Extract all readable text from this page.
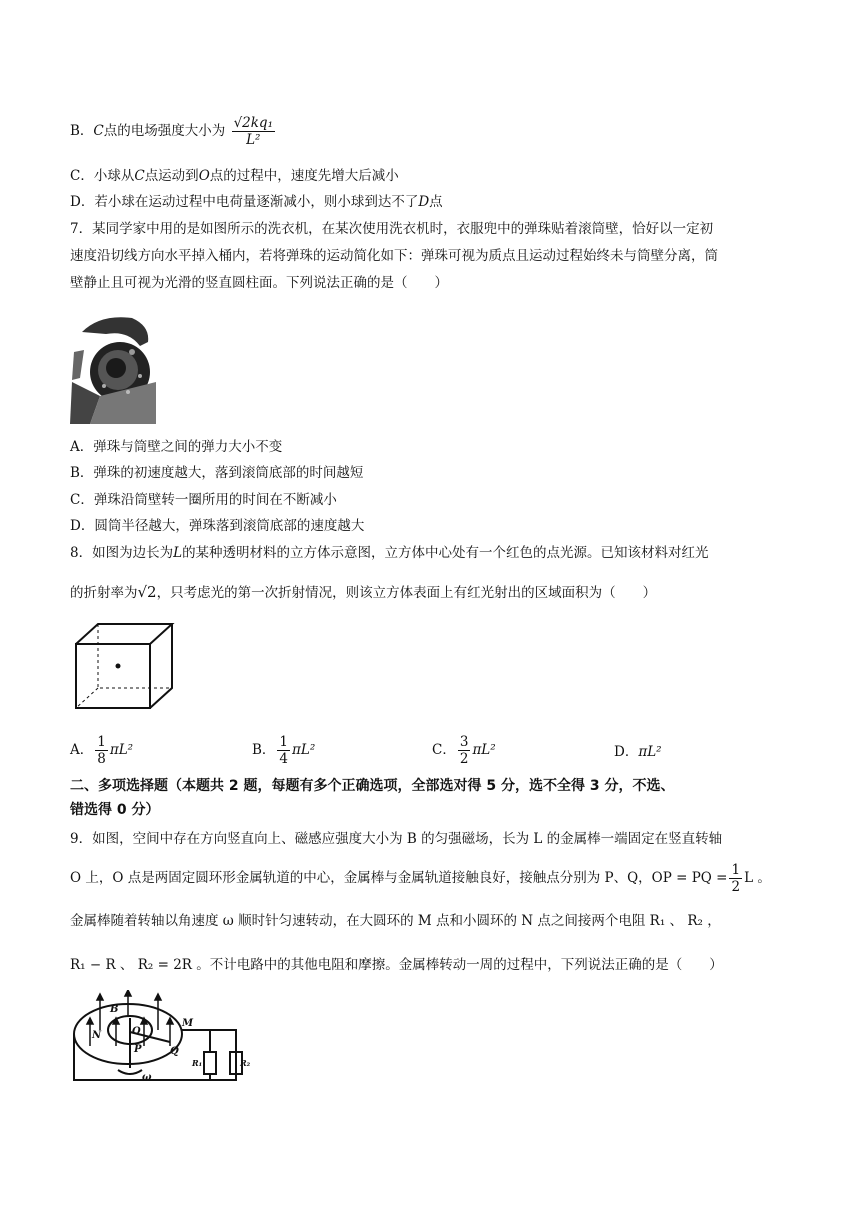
B．C点的电场强度大小为 $\frac{\text{√2kq₁}}{\text{L²}}$
C．小球从C点运动到O点的过程中，速度先增大后减小
D．若小球在运动过程中电荷量逐渐减小，则小球到达不了D点
7．某同学家中用的是如图所示的洗衣机，在某次使用洗衣机时，衣服兜中的弹珠贴着滚筒壁，恰好以一定初
速度沿切线方向水平掉入桶内，若将弹珠的运动简化如下：弹珠可视为质点且运动过程始终未与筒壁分离，筒
壁静止且可视为光滑的竖直圆柱面。下列说法正确的是（　　）
A．弹珠与筒壁之间的弹力大小不变
B．弹珠的初速度越大，落到滚筒底部的时间越短
C．弹珠沿筒壁转一圈所用的时间在不断减小
D．圆筒半径越大，弹珠落到滚筒底部的速度越大
8．如图为边长为L的某种透明材料的立方体示意图，立方体中心处有一个红色的点光源。已知该材料对红光
的折射率为√2，只考虑光的第一次折射情况，则该立方体表面上有红光射出的区域面积为（　　）
A． $\frac{1}{8} \pi L^2$	B． $\frac{1}{4} \pi L^2$	C． $\frac{3}{2} \pi L^2$	D．πL²
二、多项选择题（本题共 2 题，每题有多个正确选项，全部选对得 5 分，选不全得 3 分，不选、
错选得 0 分）
9．如图，空间中存在方向竖直向上、磁感应强度大小为 B 的匀强磁场，长为 L 的金属棒一端固定在竖直转轴
O 上，O 点是两固定圆环形金属轨道的中心，金属棒与金属轨道接触良好，接触点分别为 P、Q，OP = PQ = $\frac{1}{2}$ L 。
金属棒随着转轴以角速度 ω 顺时针匀速转动，在大圆环的 M 点和小圆环的 N 点之间接两个电阻 R₁ 、 R₂ ，
R₁ − R 、 R₂ = 2R 。不计电路中的其他电阻和摩擦。金属棒转动一周的过程中，下列说法正确的是（　　）
M
N	O
P	Q
B
ω
R₁	R₂
